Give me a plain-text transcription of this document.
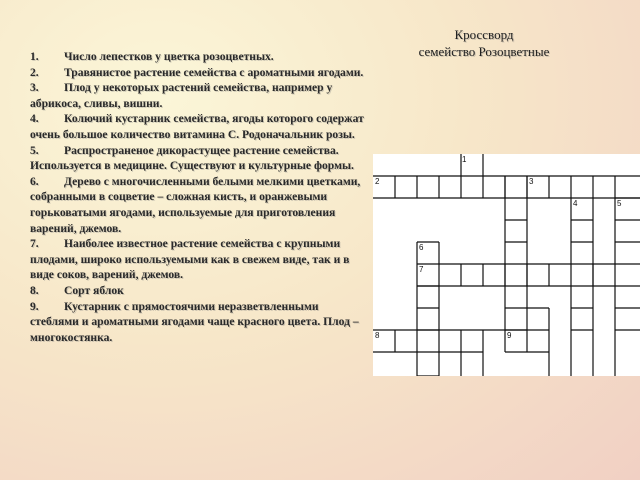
Кроссворд
семейство Розоцветные

1. Число лепестков у цветка розоцветных.

2. Травянистое растение семейства с ароматными ягодами.

3. Плод у некоторых растений семейства, например у абрикоса, сливы, вишни.

4. Колючий кустарник семейства, ягоды которого содержат очень большое количество витамина С. Родоначальник розы.

5. Распространеное дикорастущее растение семейства. Используется в медицине. Существуют и культурные формы.

6. Дерево с многочисленными белыми мелкими цветками, собранными в соцветие – сложная кисть, и оранжевыми горьковатыми ягодами, используемые для приготовления варений, джемов.

7. Наиболее известное растение семейства с крупными плодами, широко используемыми как в свежем виде, так и в виде соков, варений, джемов.

8. Сорт яблок

9. Кустарник с прямостоячими неразветвленными стеблями и ароматными ягодами чаще красного цвета. Плод – многокостянка.

1
2	3
4	5
6
7
8	9
